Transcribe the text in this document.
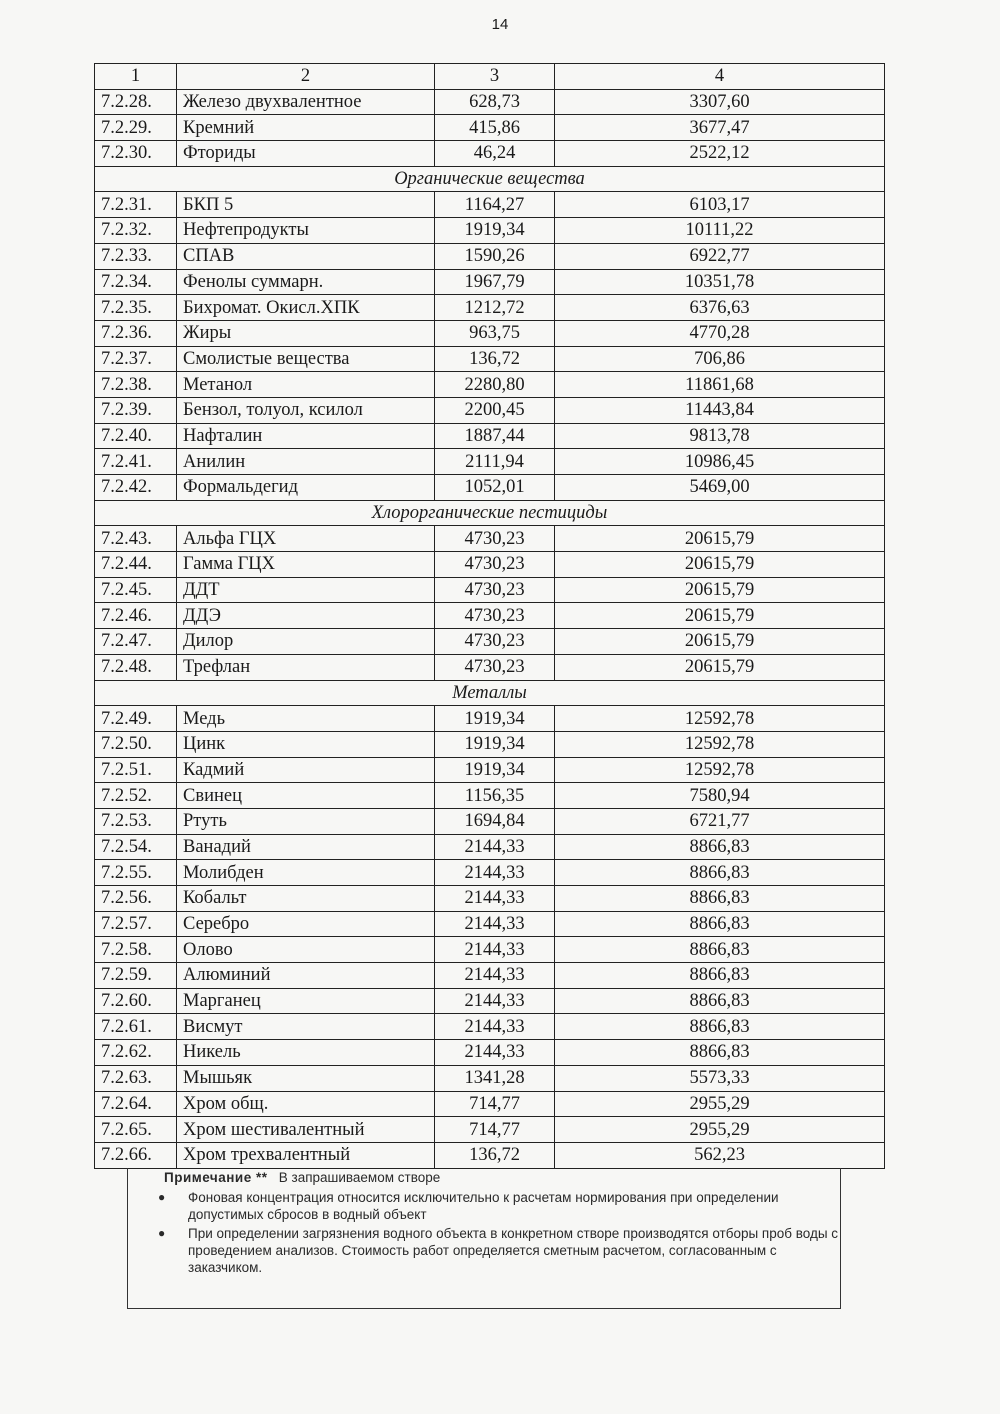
14
1	2	3	4
7.2.28.	Железо двухвалентное	628,73	3307,60
7.2.29.	Кремний	415,86	3677,47
7.2.30.	Фториды	46,24	2522,12
Органические вещества			
7.2.31.	БКП 5	1164,27	6103,17
7.2.32.	Нефтепродукты	1919,34	10111,22
7.2.33.	СПАВ	1590,26	6922,77
7.2.34.	Фенолы суммарн.	1967,79	10351,78
7.2.35.	Бихромат. Окисл.ХПК	1212,72	6376,63
7.2.36.	Жиры	963,75	4770,28
7.2.37.	Смолистые вещества	136,72	706,86
7.2.38.	Метанол	2280,80	11861,68
7.2.39.	Бензол, толуол, ксилол	2200,45	11443,84
7.2.40.	Нафталин	1887,44	9813,78
7.2.41.	Анилин	2111,94	10986,45
7.2.42.	Формальдегид	1052,01	5469,00
Хлорорганические пестициды			
7.2.43.	Альфа ГЦХ	4730,23	20615,79
7.2.44.	Гамма ГЦХ	4730,23	20615,79
7.2.45.	ДДТ	4730,23	20615,79
7.2.46.	ДДЭ	4730,23	20615,79
7.2.47.	Дилор	4730,23	20615,79
7.2.48.	Трефлан	4730,23	20615,79
Металлы			
7.2.49.	Медь	1919,34	12592,78
7.2.50.	Цинк	1919,34	12592,78
7.2.51.	Кадмий	1919,34	12592,78
7.2.52.	Свинец	1156,35	7580,94
7.2.53.	Ртуть	1694,84	6721,77
7.2.54.	Ванадий	2144,33	8866,83
7.2.55.	Молибден	2144,33	8866,83
7.2.56.	Кобальт	2144,33	8866,83
7.2.57.	Серебро	2144,33	8866,83
7.2.58.	Олово	2144,33	8866,83
7.2.59.	Алюминий	2144,33	8866,83
7.2.60.	Марганец	2144,33	8866,83
7.2.61.	Висмут	2144,33	8866,83
7.2.62.	Никель	2144,33	8866,83
7.2.63.	Мышьяк	1341,28	5573,33
7.2.64.	Хром общ.	714,77	2955,29
7.2.65.	Хром шестивалентный	714,77	2955,29
7.2.66.	Хром трехвалентный	136,72	562,23
Примечание ** В запрашиваемом створе
● Фоновая концентрация относится исключительно к расчетам нормирования при определении допустимых сбросов в водный объект
● При определении загрязнения водного объекта в конкретном створе производятся отборы проб воды с проведением анализов. Стоимость работ определяется сметным расчетом, согласованным с заказчиком.
